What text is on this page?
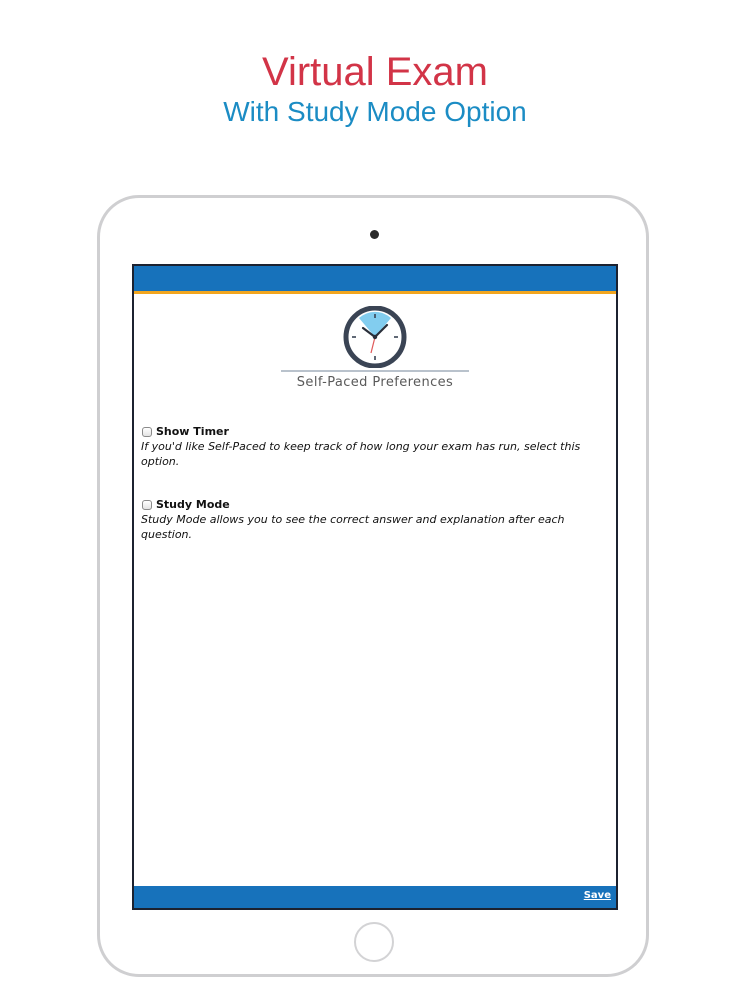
Virtual Exam
With Study Mode Option
Self-Paced Preferences
Show Timer
If you'd like Self-Paced to keep track of how long your exam has run, select this option.
Study Mode
Study Mode allows you to see the correct answer and explanation after each question.
Save
